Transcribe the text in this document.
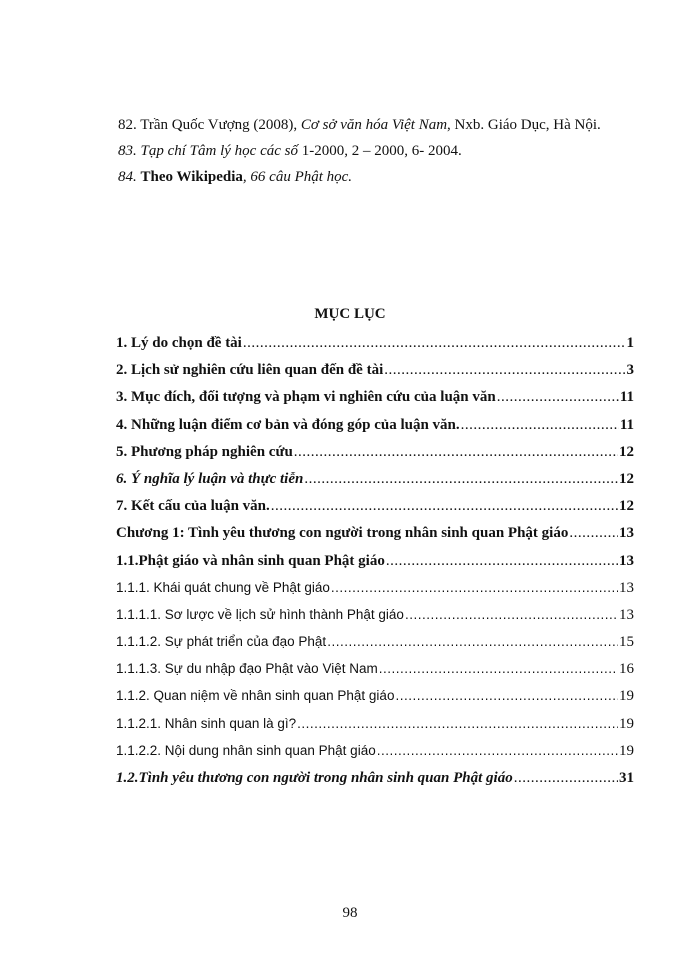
82. Trần Quốc Vượng (2008), Cơ sở văn hóa Việt Nam, Nxb. Giáo Dục, Hà Nội.

83. Tạp chí Tâm lý học các số 1-2000, 2 – 2000, 6- 2004.

84. Theo Wikipedia, 66 câu Phật học.

MỤC LỤC
1. Lý do chọn đề tài .....	1
2. Lịch sử nghiên cứu liên quan đến đề tài .....	3
3. Mục đích, đối tượng và phạm vi nghiên cứu của luận văn .....	11
4. Những luận điểm cơ bản và đóng góp của luận văn. .....	11
5. Phương pháp nghiên cứu .....	12
6. Ý nghĩa lý luận và thực tiễn .....	12
7. Kết cấu của luận văn. .....	12
Chương 1: Tình yêu thương con người trong nhân sinh quan Phật giáo .....	13
1.1.Phật giáo và nhân sinh quan Phật giáo .....	13
1.1.1. Khái quát chung về Phật giáo .....	13
1.1.1.1. Sơ lược về lịch sử hình thành Phật giáo .....	13
1.1.1.2. Sự phát triển của đạo Phật .....	15
1.1.1.3. Sự du nhập đạo Phật vào Việt Nam .....	16
1.1.2. Quan niệm về nhân sinh quan Phật giáo .....	19
1.1.2.1. Nhân sinh quan là gì? .....	19
1.1.2.2. Nội dung nhân sinh quan Phật giáo .....	19
1.2.Tình yêu thương con người trong nhân sinh quan Phật giáo .....	31
98
